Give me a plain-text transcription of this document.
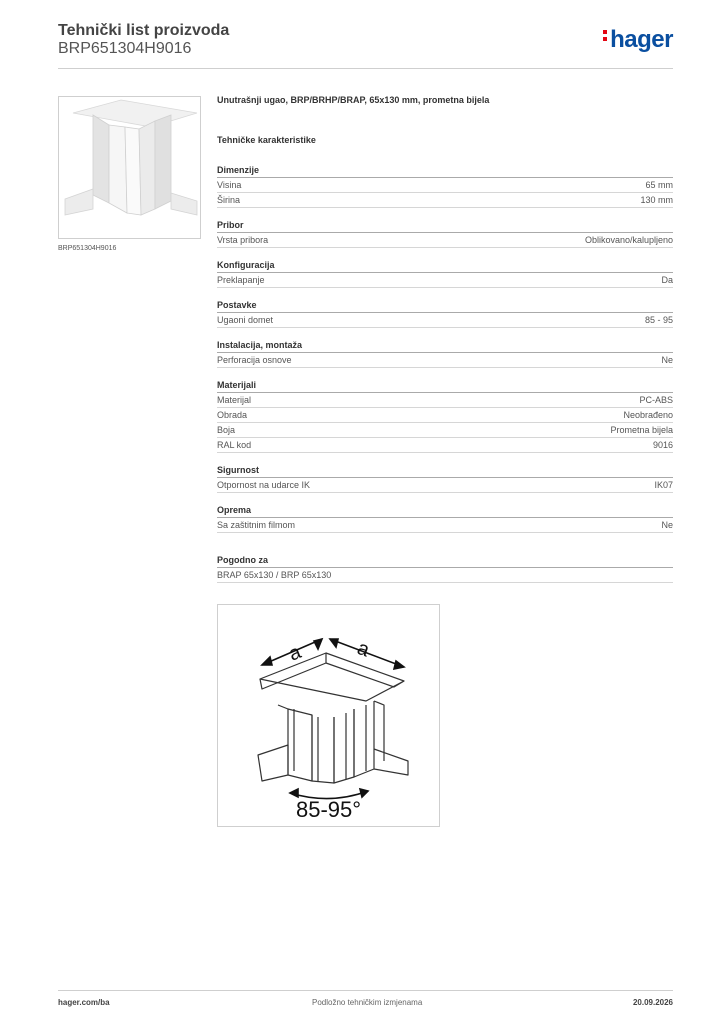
Tehnički list proizvoda
BRP651304H9016	hager
BRP651304H9016
Unutrašnji ugao, BRP/BRHP/BRAP, 65x130 mm, prometna bijela
Tehničke karakteristike
Dimenzije
Visina	65 mm
Širina	130 mm
Pribor
Vrsta pribora	Oblikovano/kalupljeno
Konfiguracija
Preklapanje	Da
Postavke
Ugaoni domet	85 - 95
Instalacija, montaža
Perforacija osnove	Ne
Materijali
Materijal	PC-ABS
Obrada	Neobrađeno
Boja	Prometna bijela
RAL kod	9016
Sigurnost
Otpornost na udarce IK	IK07
Oprema
Sa zaštitnim filmom	Ne
Pogodno za
BRAP 65x130 / BRP 65x130
a	a
85-95°
hager.com/ba	Podložno tehničkim izmjenama	20.09.2026
